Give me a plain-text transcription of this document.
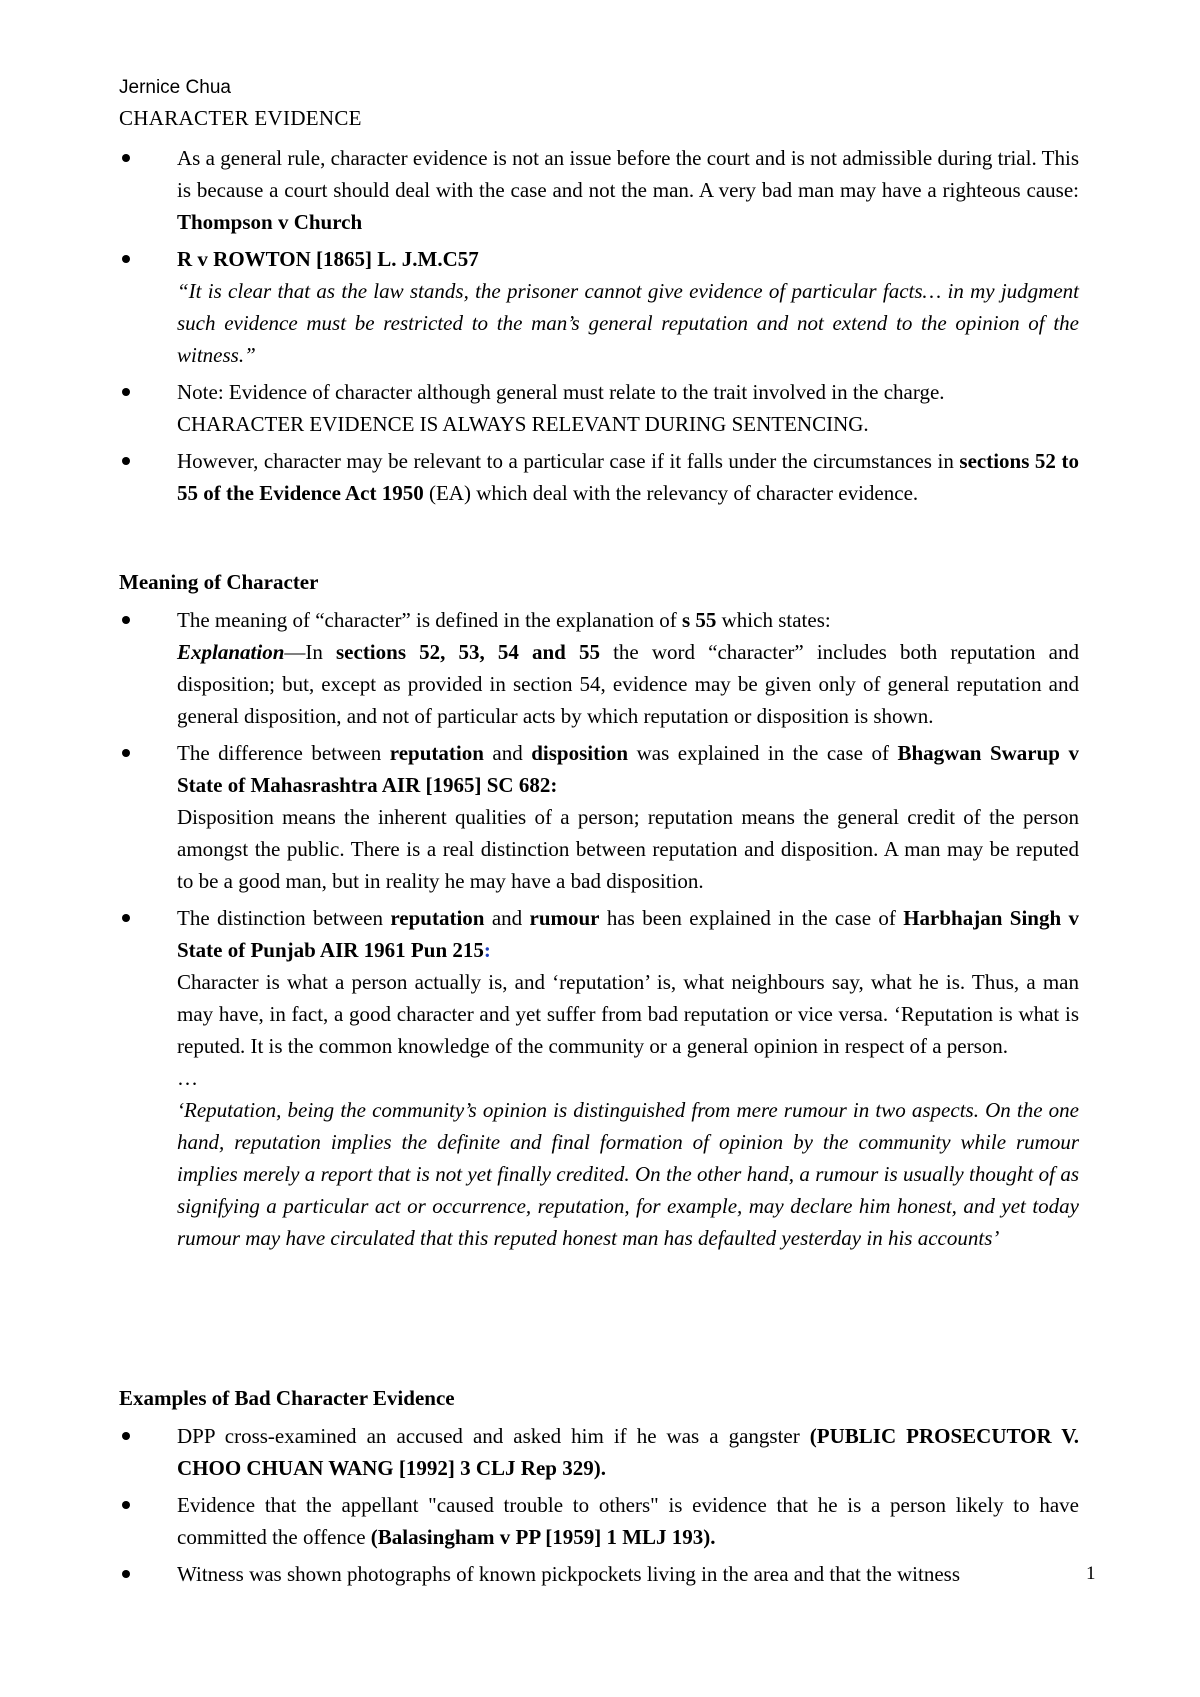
Jernice Chua
CHARACTER EVIDENCE
As a general rule, character evidence is not an issue before the court and is not admissible during trial. This is because a court should deal with the case and not the man. A very bad man may have a righteous cause: Thompson v Church

R v ROWTON [1865] L. J.M.C57

“It is clear that as the law stands, the prisoner cannot give evidence of particular facts… in my judgment such evidence must be restricted to the man’s general reputation and not extend to the opinion of the witness.”

Note: Evidence of character although general must relate to the trait involved in the charge.

CHARACTER EVIDENCE IS ALWAYS RELEVANT DURING SENTENCING.

However, character may be relevant to a particular case if it falls under the circumstances in sections 52 to 55 of the Evidence Act 1950 (EA) which deal with the relevancy of character evidence.
Meaning of Character

The meaning of “character” is defined in the explanation of s 55 which states:

Explanation—In sections 52, 53, 54 and 55 the word “character” includes both reputation and disposition; but, except as provided in section 54, evidence may be given only of general reputation and general disposition, and not of particular acts by which reputation or disposition is shown.

The difference between reputation and disposition was explained in the case of Bhagwan Swarup v State of Mahasrashtra AIR [1965] SC 682:

Disposition means the inherent qualities of a person; reputation means the general credit of the person amongst the public. There is a real distinction between reputation and disposition. A man may be reputed to be a good man, but in reality he may have a bad disposition.

The distinction between reputation and rumour has been explained in the case of Harbhajan Singh v State of Punjab AIR 1961 Pun 215:

Character is what a person actually is, and ‘reputation’ is, what neighbours say, what he is. Thus, a man may have, in fact, a good character and yet suffer from bad reputation or vice versa. ‘Reputation is what is reputed. It is the common knowledge of the community or a general opinion in respect of a person.

…

‘Reputation, being the community’s opinion is distinguished from mere rumour in two aspects. On the one hand, reputation implies the definite and final formation of opinion by the community while rumour implies merely a report that is not yet finally credited. On the other hand, a rumour is usually thought of as signifying a particular act or occurrence, reputation, for example, may declare him honest, and yet today rumour may have circulated that this reputed honest man has defaulted yesterday in his accounts’

Examples of Bad Character Evidence
DPP cross-examined an accused and asked him if he was a gangster (PUBLIC PROSECUTOR V. CHOO CHUAN WANG [1992] 3 CLJ Rep 329).
Evidence that the appellant "caused trouble to others" is evidence that he is a person likely to have committed the offence (Balasingham v PP [1959] 1 MLJ 193).
Witness was shown photographs of known pickpockets living in the area and that the witness	1
